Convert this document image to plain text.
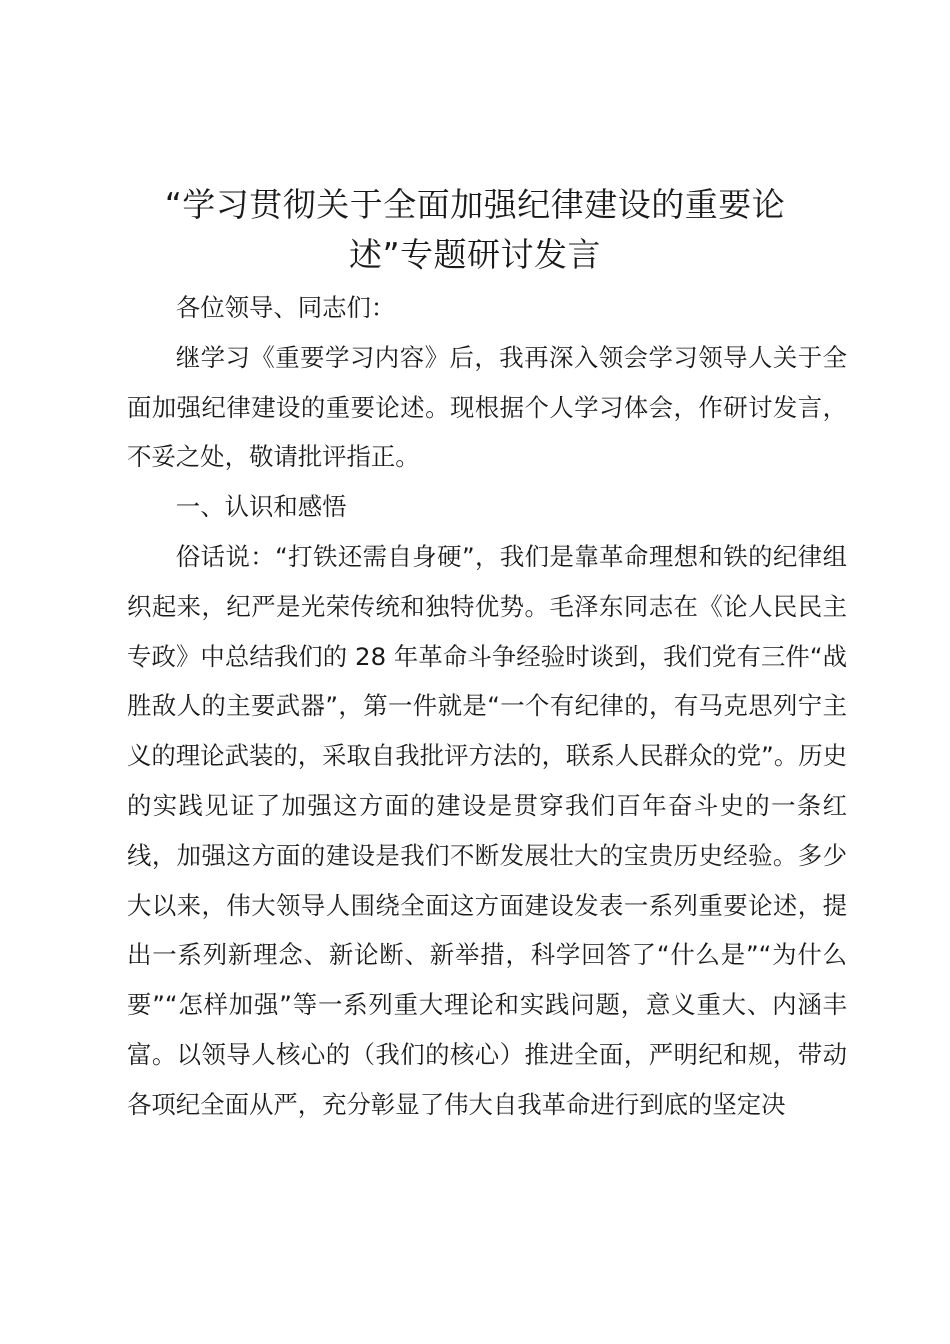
“学习贯彻关于全面加强纪律建设的重要论
述”专题研讨发言

各位领导、同志们：

继学习《重要学习内容》后，我再深入领会学习领导人关于全面加强纪律建设的重要论述。现根据个人学习体会，作研讨发言，不妥之处，敬请批评指正。

一、认识和感悟

俗话说：“打铁还需自身硬”，我们是靠革命理想和铁的纪律组织起来，纪严是光荣传统和独特优势。毛泽东同志在《论人民民主专政》中总结我们的 28 年革命斗争经验时谈到，我们党有三件“战胜敌人的主要武器”，第一件就是“一个有纪律的，有马克思列宁主义的理论武装的，采取自我批评方法的，联系人民群众的党”。历史的实践见证了加强这方面的建设是贯穿我们百年奋斗史的一条红线，加强这方面的建设是我们不断发展壮大的宝贵历史经验。多少大以来，伟大领导人围绕全面这方面建设发表一系列重要论述，提出一系列新理念、新论断、新举措，科学回答了“什么是”“为什么要”“怎样加强”等一系列重大理论和实践问题，意义重大、内涵丰富。以领导人核心的（我们的核心）推进全面，严明纪和规，带动各项纪全面从严，充分彰显了伟大自我革命进行到底的坚定决
